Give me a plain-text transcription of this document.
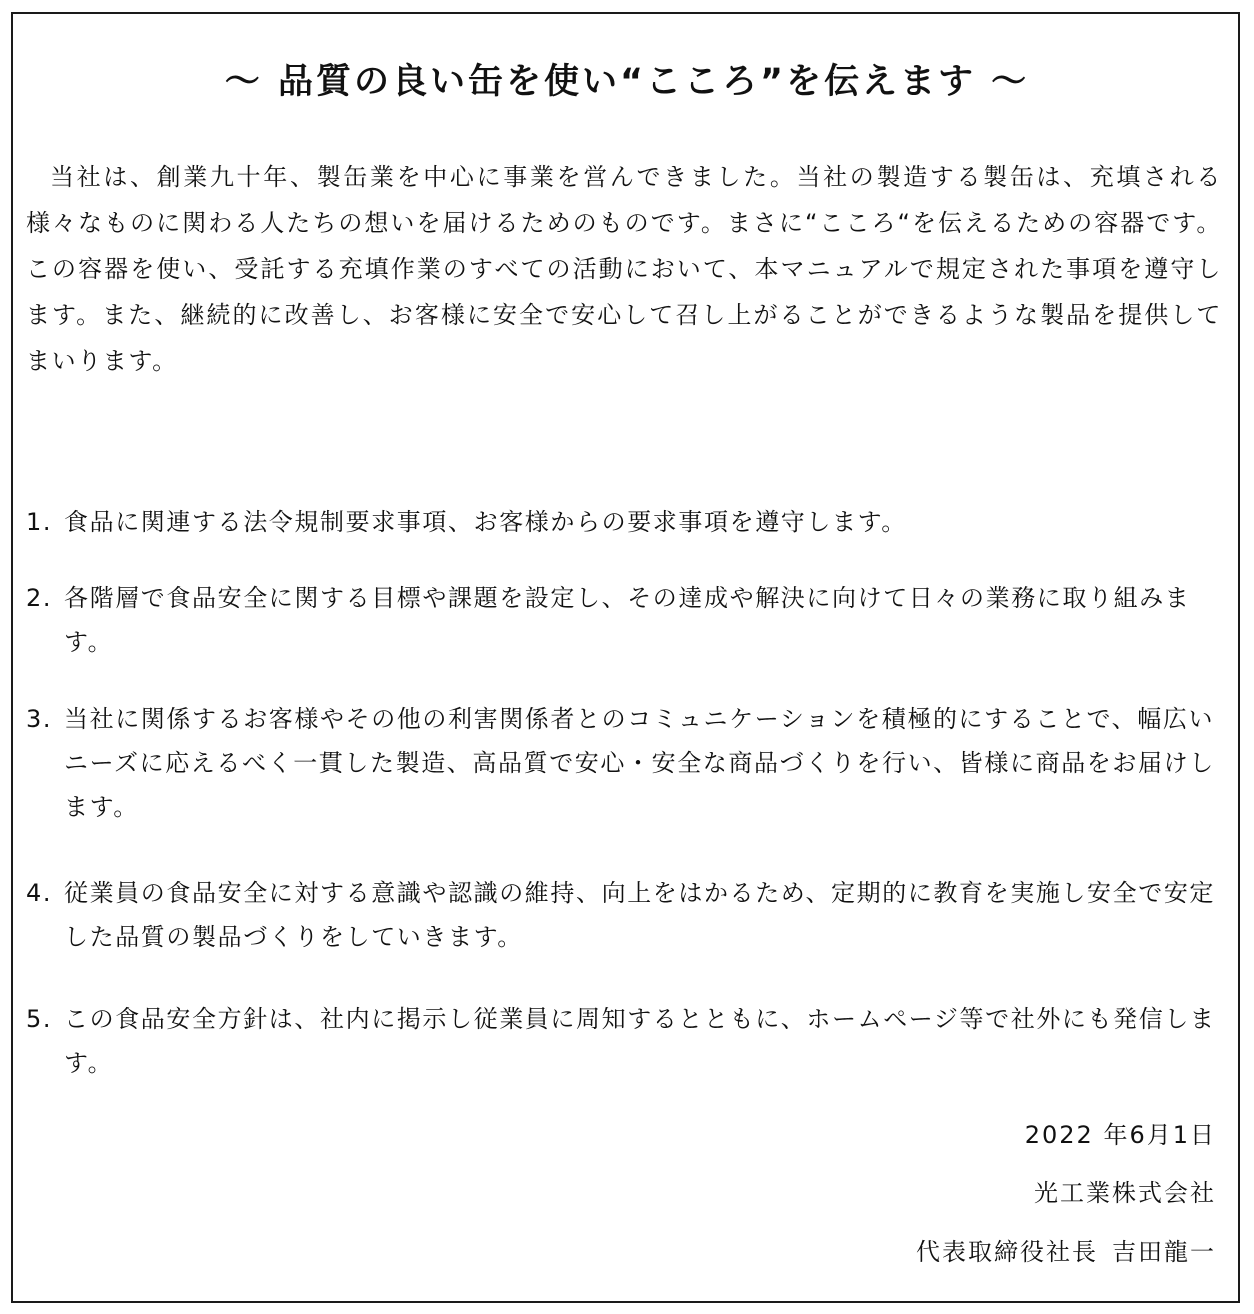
〜 品質の良い缶を使い“こころ”を伝えます 〜

当社は、創業九十年、製缶業を中心に事業を営んできました。当社の製造する製缶は、充填される様々なものに関わる人たちの想いを届けるためのものです。まさに“こころ“を伝えるための容器です。この容器を使い、受託する充填作業のすべての活動において、本マニュアルで規定された事項を遵守します。また、継続的に改善し、お客様に安全で安心して召し上がることができるような製品を提供してまいります。

1. 食品に関連する法令規制要求事項、お客様からの要求事項を遵守します。
2. 各階層で食品安全に関する目標や課題を設定し、その達成や解決に向けて日々の業務に取り組みます。
3. 当社に関係するお客様やその他の利害関係者とのコミュニケーションを積極的にすることで、幅広いニーズに応えるべく一貫した製造、高品質で安心・安全な商品づくりを行い、皆様に商品をお届けします。
4. 従業員の食品安全に対する意識や認識の維持、向上をはかるため、定期的に教育を実施し安全で安定した品質の製品づくりをしていきます。
5. この食品安全方針は、社内に掲示し従業員に周知するとともに、ホームページ等で社外にも発信します。
2022 年6月1日
光工業株式会社
代表取締役社長 吉田龍一
